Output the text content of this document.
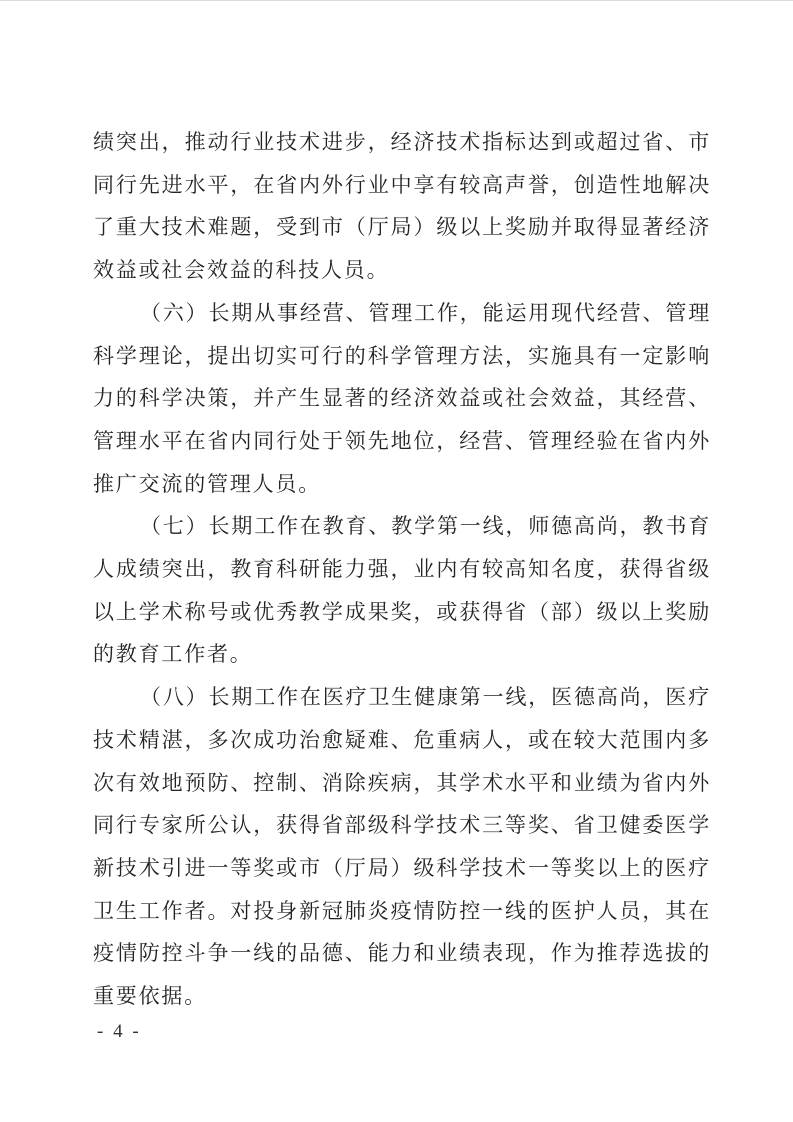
绩突出，推动行业技术进步，经济技术指标达到或超过省、市同行先进水平，在省内外行业中享有较高声誉，创造性地解决了重大技术难题，受到市（厅局）级以上奖励并取得显著经济效益或社会效益的科技人员。

（六）长期从事经营、管理工作，能运用现代经营、管理科学理论，提出切实可行的科学管理方法，实施具有一定影响力的科学决策，并产生显著的经济效益或社会效益，其经营、管理水平在省内同行处于领先地位，经营、管理经验在省内外推广交流的管理人员。

（七）长期工作在教育、教学第一线，师德高尚，教书育人成绩突出，教育科研能力强，业内有较高知名度，获得省级以上学术称号或优秀教学成果奖，或获得省（部）级以上奖励的教育工作者。

（八）长期工作在医疗卫生健康第一线，医德高尚，医疗技术精湛，多次成功治愈疑难、危重病人，或在较大范围内多次有效地预防、控制、消除疾病，其学术水平和业绩为省内外同行专家所公认，获得省部级科学技术三等奖、省卫健委医学新技术引进一等奖或市（厅局）级科学技术一等奖以上的医疗卫生工作者。对投身新冠肺炎疫情防控一线的医护人员，其在疫情防控斗争一线的品德、能力和业绩表现，作为推荐选拔的重要依据。

- 4 -
